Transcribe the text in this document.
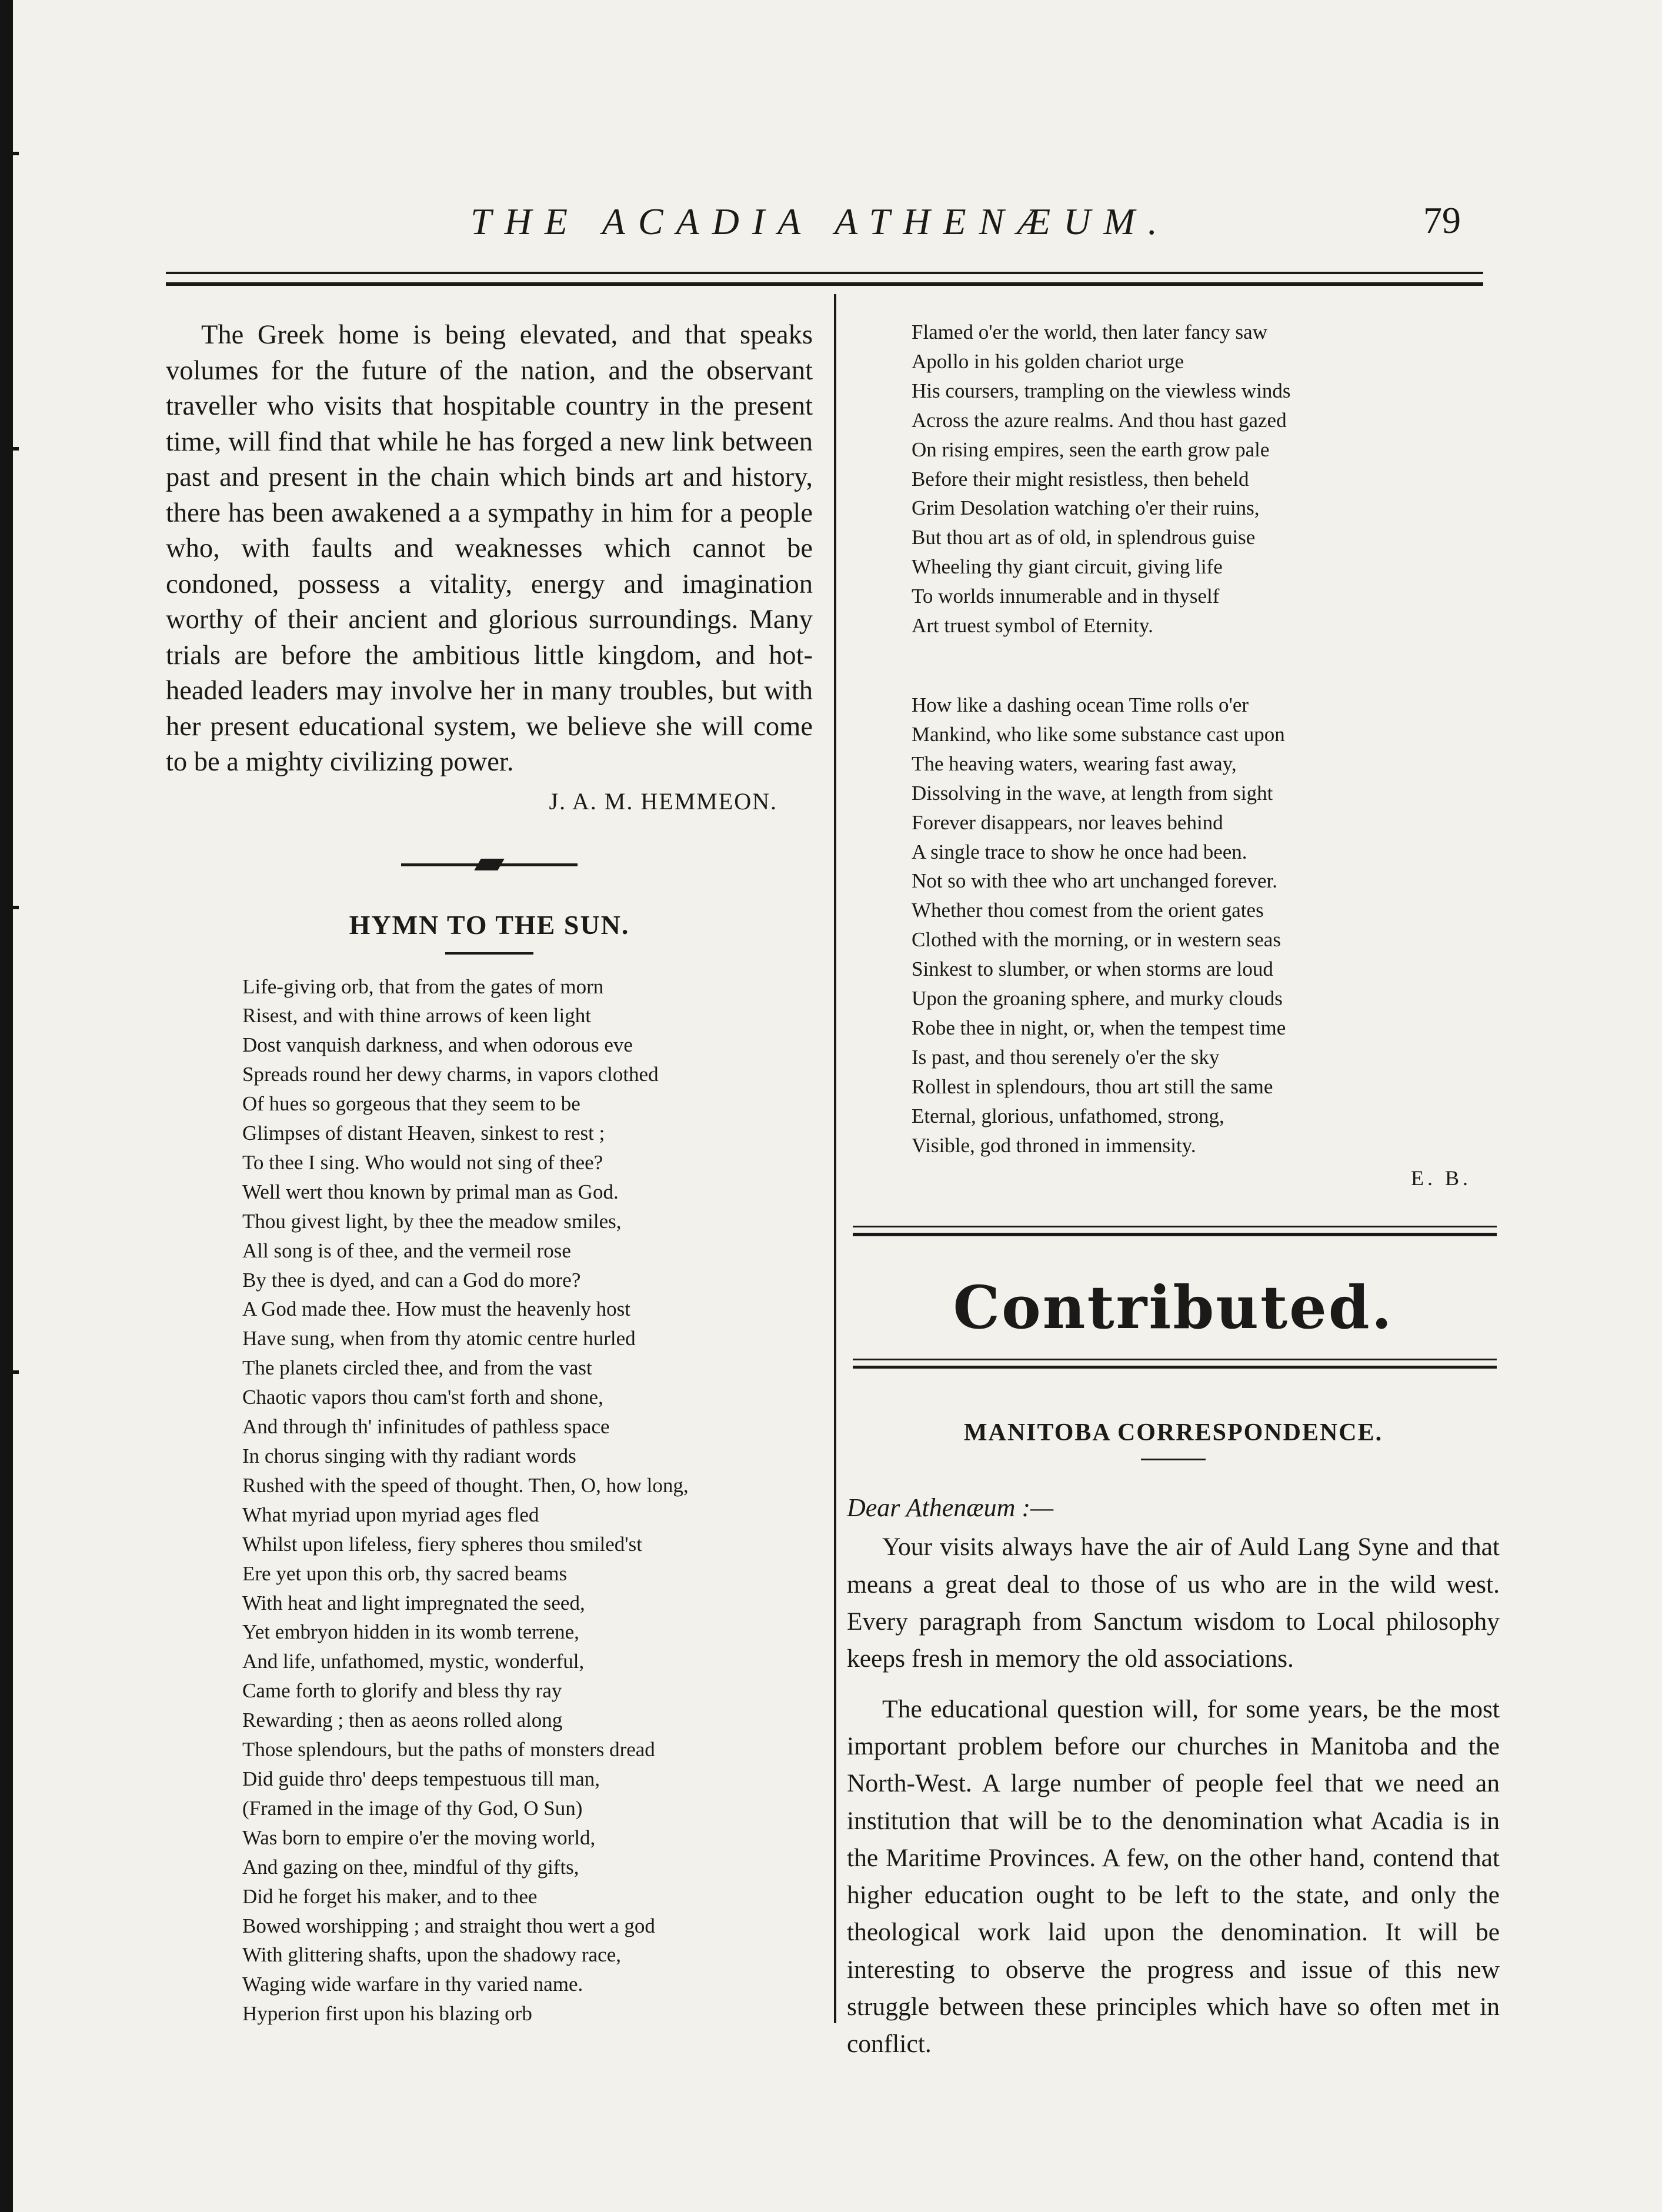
THE ACADIA ATHENÆUM.	79

The Greek home is being elevated, and that speaks volumes for the future of the nation, and the observant traveller who visits that hospitable country in the present time, will find that while he has forged a new link between past and present in the chain which binds art and history, there has been awakened a a sympathy in him for a people who, with faults and weaknesses which cannot be condoned, possess a vitality, energy and imagination worthy of their ancient and glorious surroundings. Many trials are before the ambitious little kingdom, and hot-headed leaders may involve her in many troubles, but with her present educational system, we believe she will come to be a mighty civilizing power.

J. A. M. HEMMEON.
HYMN TO THE SUN.
Life-giving orb, that from the gates of morn
Risest, and with thine arrows of keen light
Dost vanquish darkness, and when odorous eve
Spreads round her dewy charms, in vapors clothed
Of hues so gorgeous that they seem to be
Glimpses of distant Heaven, sinkest to rest ;
To thee I sing. Who would not sing of thee?
Well wert thou known by primal man as God.
Thou givest light, by thee the meadow smiles,
All song is of thee, and the vermeil rose
By thee is dyed, and can a God do more?
A God made thee. How must the heavenly host
Have sung, when from thy atomic centre hurled
The planets circled thee, and from the vast
Chaotic vapors thou cam'st forth and shone,
And through th' infinitudes of pathless space
In chorus singing with thy radiant words
Rushed with the speed of thought. Then, O, how long,
What myriad upon myriad ages fled
Whilst upon lifeless, fiery spheres thou smiled'st
Ere yet upon this orb, thy sacred beams
With heat and light impregnated the seed,
Yet embryon hidden in its womb terrene,
And life, unfathomed, mystic, wonderful,
Came forth to glorify and bless thy ray
Rewarding ; then as aeons rolled along
Those splendours, but the paths of monsters dread
Did guide thro' deeps tempestuous till man,
(Framed in the image of thy God, O Sun)
Was born to empire o'er the moving world,
And gazing on thee, mindful of thy gifts,
Did he forget his maker, and to thee
Bowed worshipping ; and straight thou wert a god
With glittering shafts, upon the shadowy race,
Waging wide warfare in thy varied name.
Hyperion first upon his blazing orb
Flamed o'er the world, then later fancy saw
Apollo in his golden chariot urge
His coursers, trampling on the viewless winds
Across the azure realms. And thou hast gazed
On rising empires, seen the earth grow pale
Before their might resistless, then beheld
Grim Desolation watching o'er their ruins,
But thou art as of old, in splendrous guise
Wheeling thy giant circuit, giving life
To worlds innumerable and in thyself
Art truest symbol of Eternity.
How like a dashing ocean Time rolls o'er
Mankind, who like some substance cast upon
The heaving waters, wearing fast away,
Dissolving in the wave, at length from sight
Forever disappears, nor leaves behind
A single trace to show he once had been.
Not so with thee who art unchanged forever.
Whether thou comest from the orient gates
Clothed with the morning, or in western seas
Sinkest to slumber, or when storms are loud
Upon the groaning sphere, and murky clouds
Robe thee in night, or, when the tempest time
Is past, and thou serenely o'er the sky
Rollest in splendours, thou art still the same
Eternal, glorious, unfathomed, strong,
Visible, god throned in immensity.
E. B.
Contributed.
MANITOBA CORRESPONDENCE.
Dear Athenæum :—

Your visits always have the air of Auld Lang Syne and that means a great deal to those of us who are in the wild west. Every paragraph from Sanctum wisdom to Local philosophy keeps fresh in memory the old associations.

The educational question will, for some years, be the most important problem before our churches in Manitoba and the North-West. A large number of people feel that we need an institution that will be to the denomination what Acadia is in the Maritime Provinces. A few, on the other hand, contend that higher education ought to be left to the state, and only the theological work laid upon the denomination. It will be interesting to observe the progress and issue of this new struggle between these principles which have so often met in conflict.
